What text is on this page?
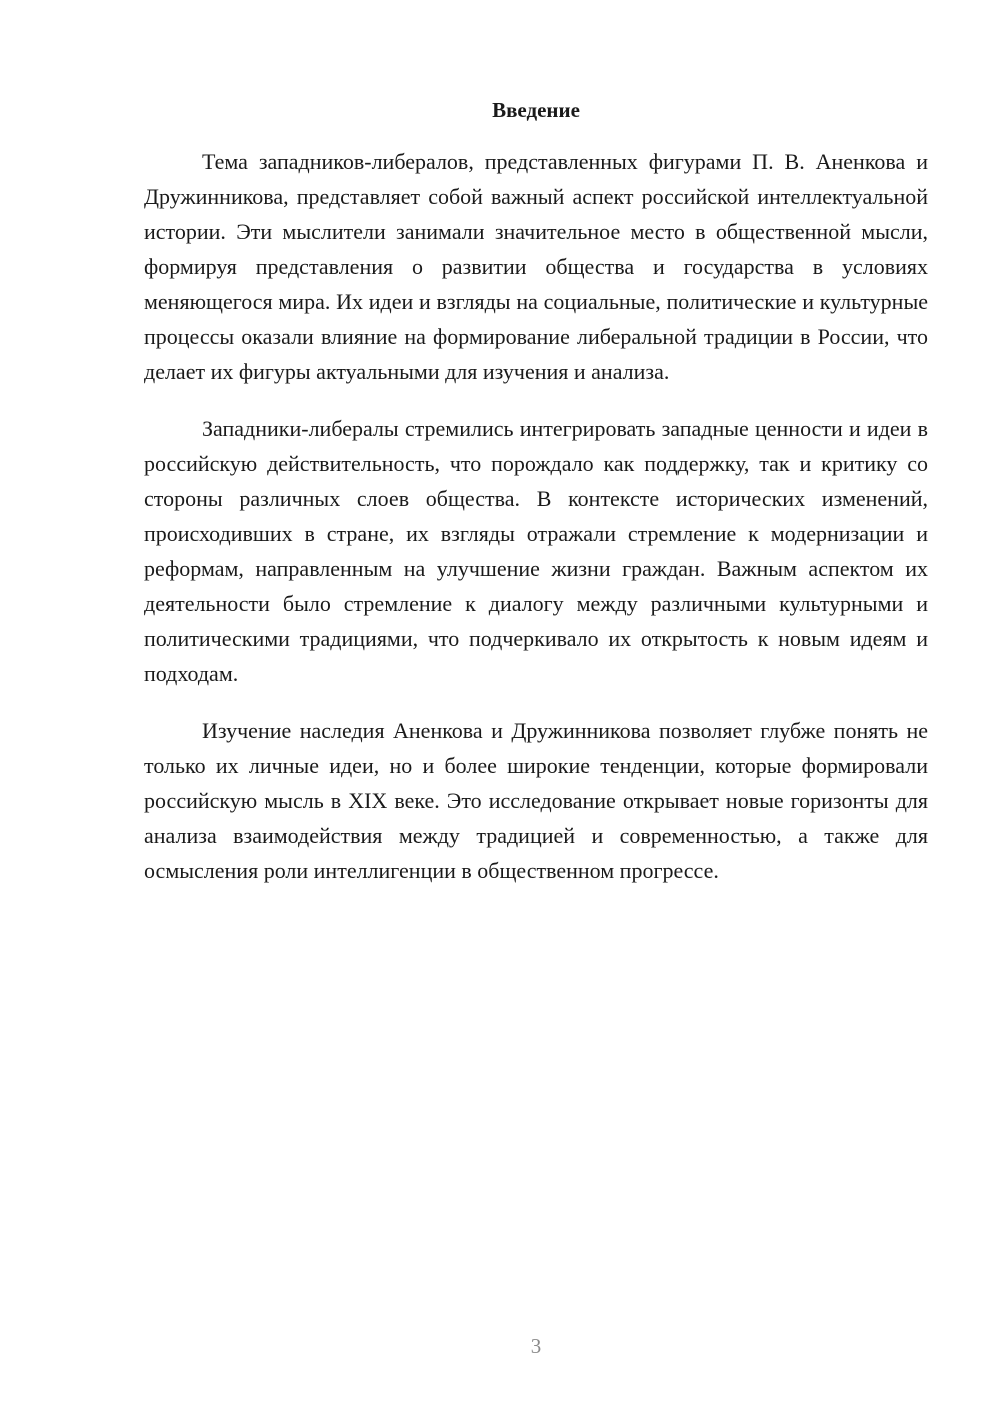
Введение

Тема западников-либералов, представленных фигурами П. В. Аненкова и Дружинникова, представляет собой важный аспект российской интеллектуальной истории. Эти мыслители занимали значительное место в общественной мысли, формируя представления о развитии общества и государства в условиях меняющегося мира. Их идеи и взгляды на социальные, политические и культурные процессы оказали влияние на формирование либеральной традиции в России, что делает их фигуры актуальными для изучения и анализа.

Западники-либералы стремились интегрировать западные ценности и идеи в российскую действительность, что порождало как поддержку, так и критику со стороны различных слоев общества. В контексте исторических изменений, происходивших в стране, их взгляды отражали стремление к модернизации и реформам, направленным на улучшение жизни граждан. Важным аспектом их деятельности было стремление к диалогу между различными культурными и политическими традициями, что подчеркивало их открытость к новым идеям и подходам.

Изучение наследия Аненкова и Дружинникова позволяет глубже понять не только их личные идеи, но и более широкие тенденции, которые формировали российскую мысль в XIX веке. Это исследование открывает новые горизонты для анализа взаимодействия между традицией и современностью, а также для осмысления роли интеллигенции в общественном прогрессе.

3
